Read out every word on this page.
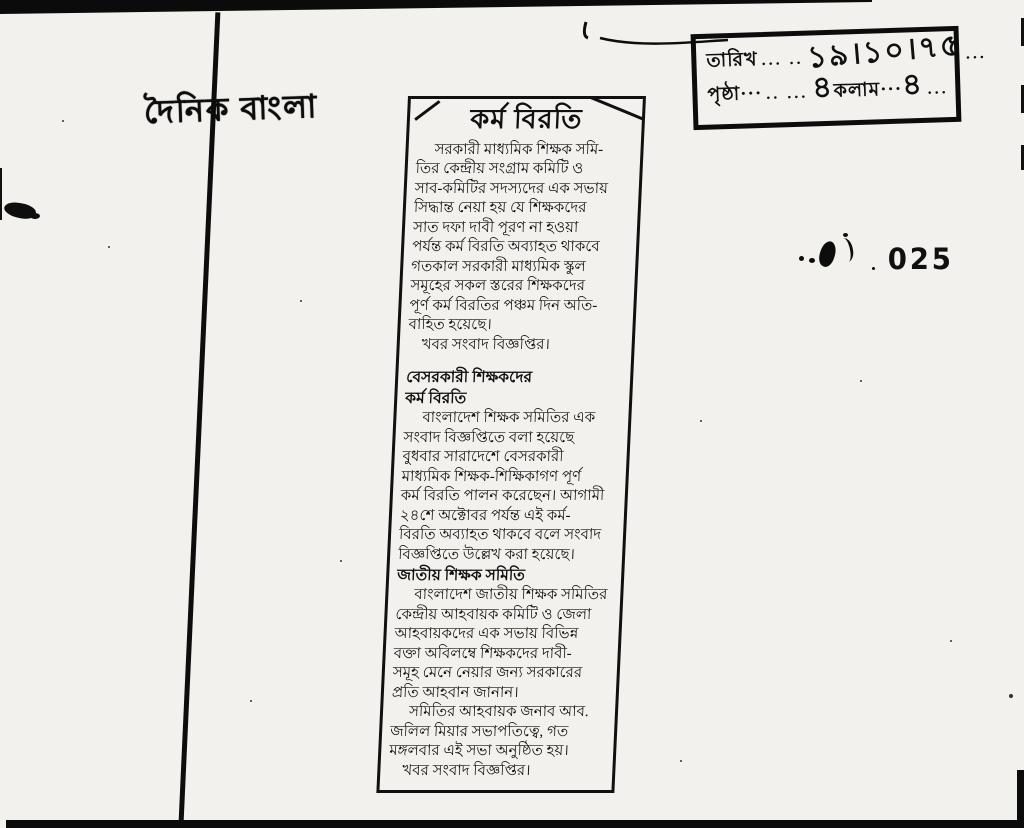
দৈনিক বাংলা
তারিখ ... .. ১৯।১০।৭৫ ...
পৃষ্ঠা··· .. ... ৪
কলাম···
৪ ...
025
কর্ম বিরতি
সরকারী মাধ্যমিক শিক্ষক সমি-
তির কেন্দ্রীয় সংগ্রাম কমিটি ও
সাব-কমিটির সদস্যদের এক সভায়
সিদ্ধান্ত নেয়া হয় যে শিক্ষকদের
সাত দফা দাবী পূরণ না হওয়া
পর্যন্ত কর্ম বিরতি অব্যাহত থাকবে
গতকাল সরকারী মাধ্যমিক স্কুল
সমূহের সকল স্তরের শিক্ষকদের
পূর্ণ কর্ম বিরতির পঞ্চম দিন অতি-
বাহিত হয়েছে।
খবর সংবাদ বিজ্ঞপ্তির।
বেসরকারী শিক্ষকদের
কর্ম বিরতি
বাংলাদেশ শিক্ষক সমিতির এক
সংবাদ বিজ্ঞপ্তিতে বলা হয়েছে
বুধবার সারাদেশে বেসরকারী
মাধ্যমিক শিক্ষক-শিক্ষিকাগণ পূর্ণ
কর্ম বিরতি পালন করেছেন। আগামী
২৪শে অক্টোবর পর্যন্ত এই কর্ম-
বিরতি অব্যাহত থাকবে বলে সংবাদ
বিজ্ঞপ্তিতে উল্লেখ করা হয়েছে।
জাতীয় শিক্ষক সমিতি
বাংলাদেশ জাতীয় শিক্ষক সমিতির
কেন্দ্রীয় আহবায়ক কমিটি ও জেলা
আহবায়কদের এক সভায় বিভিন্ন
বক্তা অবিলম্বে শিক্ষকদের দাবী-
সমূহ মেনে নেয়ার জন্য সরকারের
প্রতি আহবান জানান।
সমিতির আহবায়ক জনাব আব.
জলিল মিয়ার সভাপতিত্বে, গত
মঙ্গলবার এই সভা অনুষ্ঠিত হয়।
খবর সংবাদ বিজ্ঞপ্তির।
